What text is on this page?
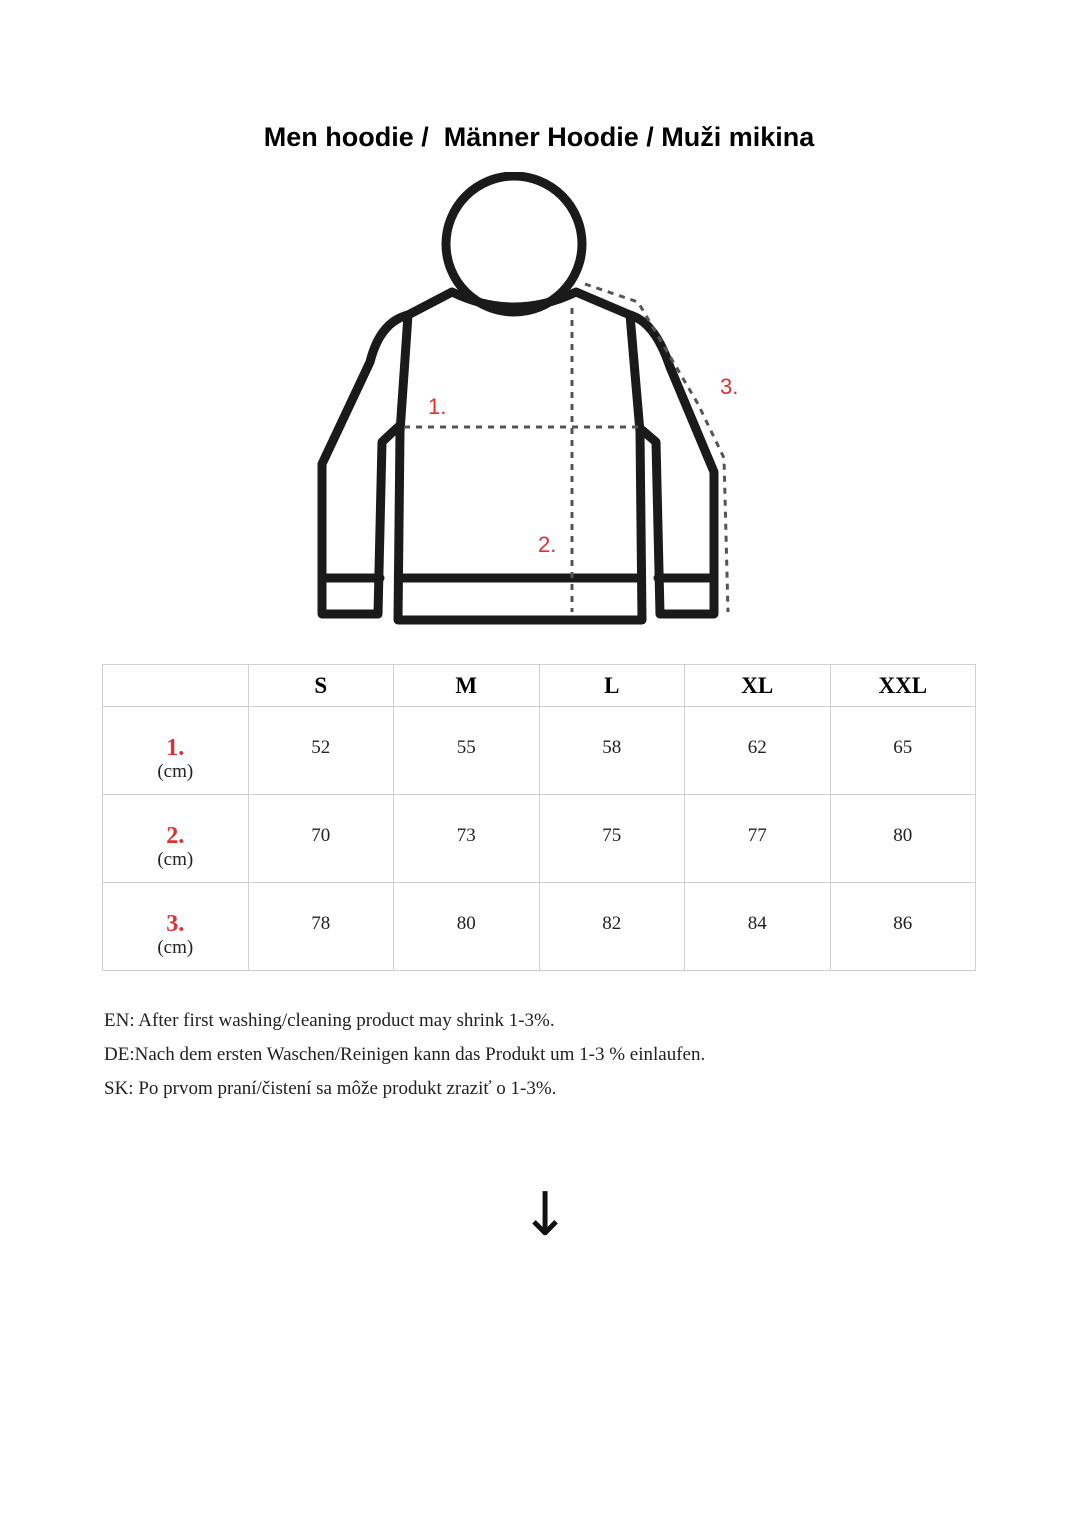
Men hoodie /  Männer Hoodie / Muži mikina
1.
2.
3.
	S	M	L	XL	XXL

1.
(cm)	52	55	58	62	65

2.
(cm)	70	73	75	77	80

3.
(cm)	78	80	82	84	86
EN: After first washing/cleaning product may shrink 1-3%.
DE:Nach dem ersten Waschen/Reinigen kann das Produkt um 1-3 % einlaufen.
SK: Po prvom praní/čistení sa môže produkt zraziť o 1-3%.
↓
